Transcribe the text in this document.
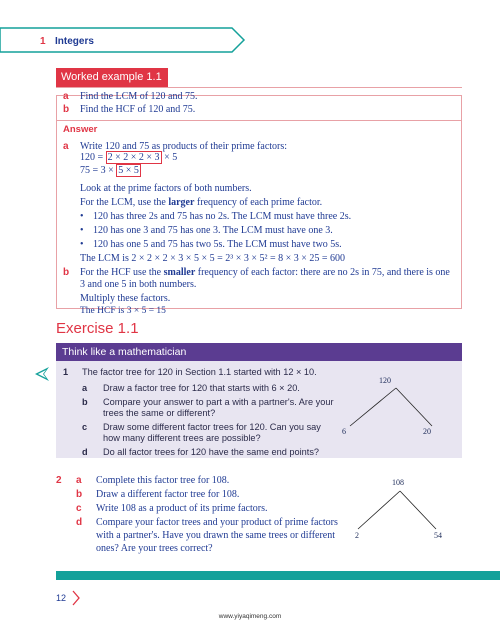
1 Integers
Worked example 1.1
a Find the LCM of 120 and 75.
b Find the HCF of 120 and 75.
Answer
a Write 120 and 75 as products of their prime factors:
120 = 2 × 2 × 2 × 3 × 5
75 = 3 × 5 × 5
Look at the prime factors of both numbers.
For the LCM, use the larger frequency of each prime factor.
• 120 has three 2s and 75 has no 2s. The LCM must have three 2s.
• 120 has one 3 and 75 has one 3. The LCM must have one 3.
• 120 has one 5 and 75 has two 5s. The LCM must have two 5s.
The LCM is 2 × 2 × 2 × 3 × 5 × 5 = 2³ × 3 × 5² = 8 × 3 × 25 = 600
b For the HCF use the smaller frequency of each factor: there are no 2s in 75, and there is one
3 and one 5 in both numbers.
Multiply these factors.
The HCF is 3 × 5 = 15
Exercise 1.1
Think like a mathematician
1 The factor tree for 120 in Section 1.1 started with 12 × 10.
a Draw a factor tree for 120 that starts with 6 × 20.
b Compare your answer to part a with a partner's. Are your
trees the same or different?
c Draw some different factor trees for 120. Can you say
how many different trees are possible?
d Do all factor trees for 120 have the same end points?
120
6	20
2 a Complete this factor tree for 108.
b Draw a different factor tree for 108.
c Write 108 as a product of its prime factors.
d Compare your factor trees and your product of prime factors
with a partner's. Have you drawn the same trees or different
ones? Are your trees correct?
108
2	54
12
www.yiyaqimeng.com
